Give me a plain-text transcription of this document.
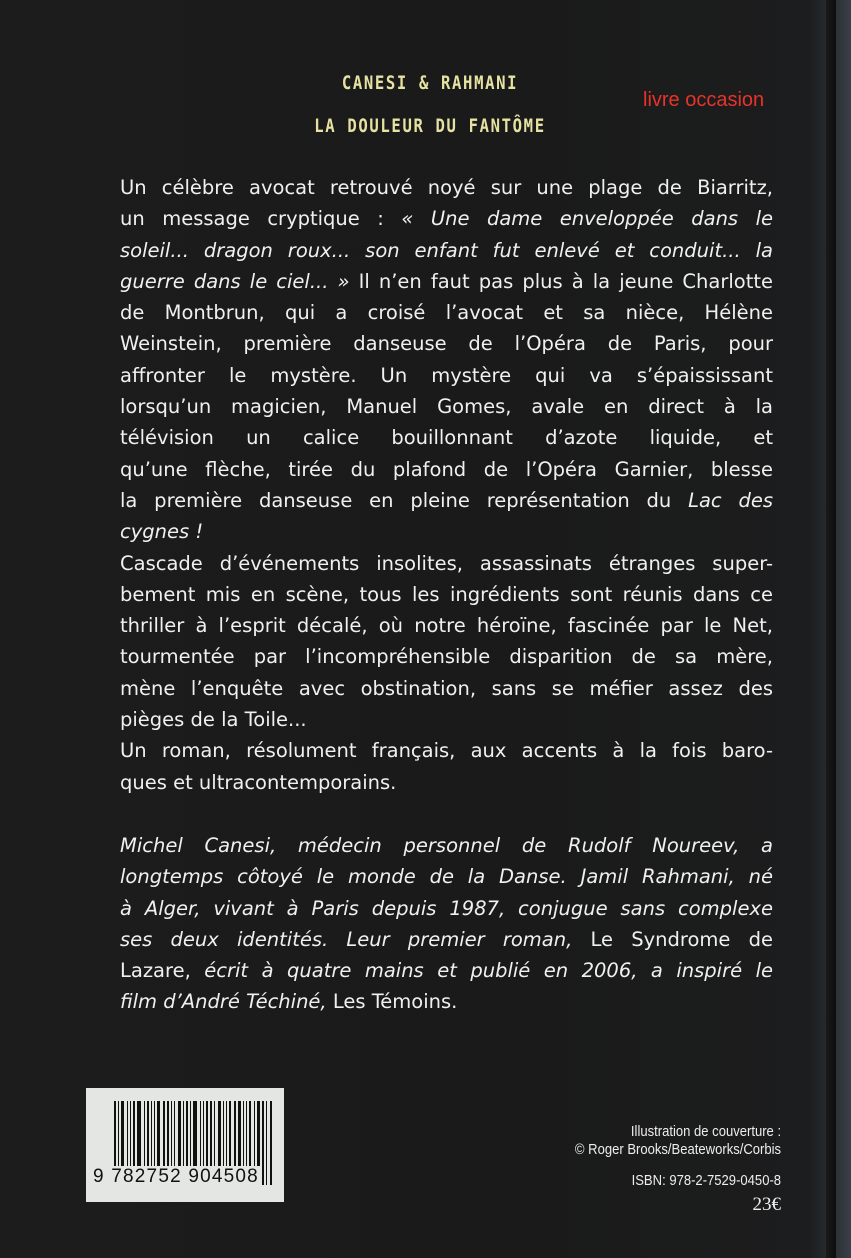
CANESI & RAHMANI
LA DOULEUR DU FANTÔME
livre occasion
Un célèbre avocat retrouvé noyé sur une plage de Biarritz,
un message cryptique : « Une dame enveloppée dans le
soleil... dragon roux... son enfant fut enlevé et conduit... la
guerre dans le ciel... » Il n’en faut pas plus à la jeune Charlotte
de Montbrun, qui a croisé l’avocat et sa nièce, Hélène
Weinstein, première danseuse de l’Opéra de Paris, pour
affronter le mystère. Un mystère qui va s’épaississant
lorsqu’un magicien, Manuel Gomes, avale en direct à la
télévision un calice bouillonnant d’azote liquide, et
qu’une flèche, tirée du plafond de l’Opéra Garnier, blesse
la première danseuse en pleine représentation du Lac des
cygnes !
Cascade d’événements insolites, assassinats étranges super-
bement mis en scène, tous les ingrédients sont réunis dans ce
thriller à l’esprit décalé, où notre héroïne, fascinée par le Net,
tourmentée par l’incompréhensible disparition de sa mère,
mène l’enquête avec obstination, sans se méfier assez des
pièges de la Toile...
Un roman, résolument français, aux accents à la fois baro-
ques et ultracontemporains.
Michel Canesi, médecin personnel de Rudolf Noureev, a
longtemps côtoyé le monde de la Danse. Jamil Rahmani, né
à Alger, vivant à Paris depuis 1987, conjugue sans complexe
ses deux identités. Leur premier roman, Le Syndrome de
Lazare, écrit à quatre mains et publié en 2006, a inspiré le
film d’André Téchiné, Les Témoins.
9 782752 904508
Illustration de couverture :
© Roger Brooks/Beateworks/Corbis
ISBN: 978-2-7529-0450-8
23€
